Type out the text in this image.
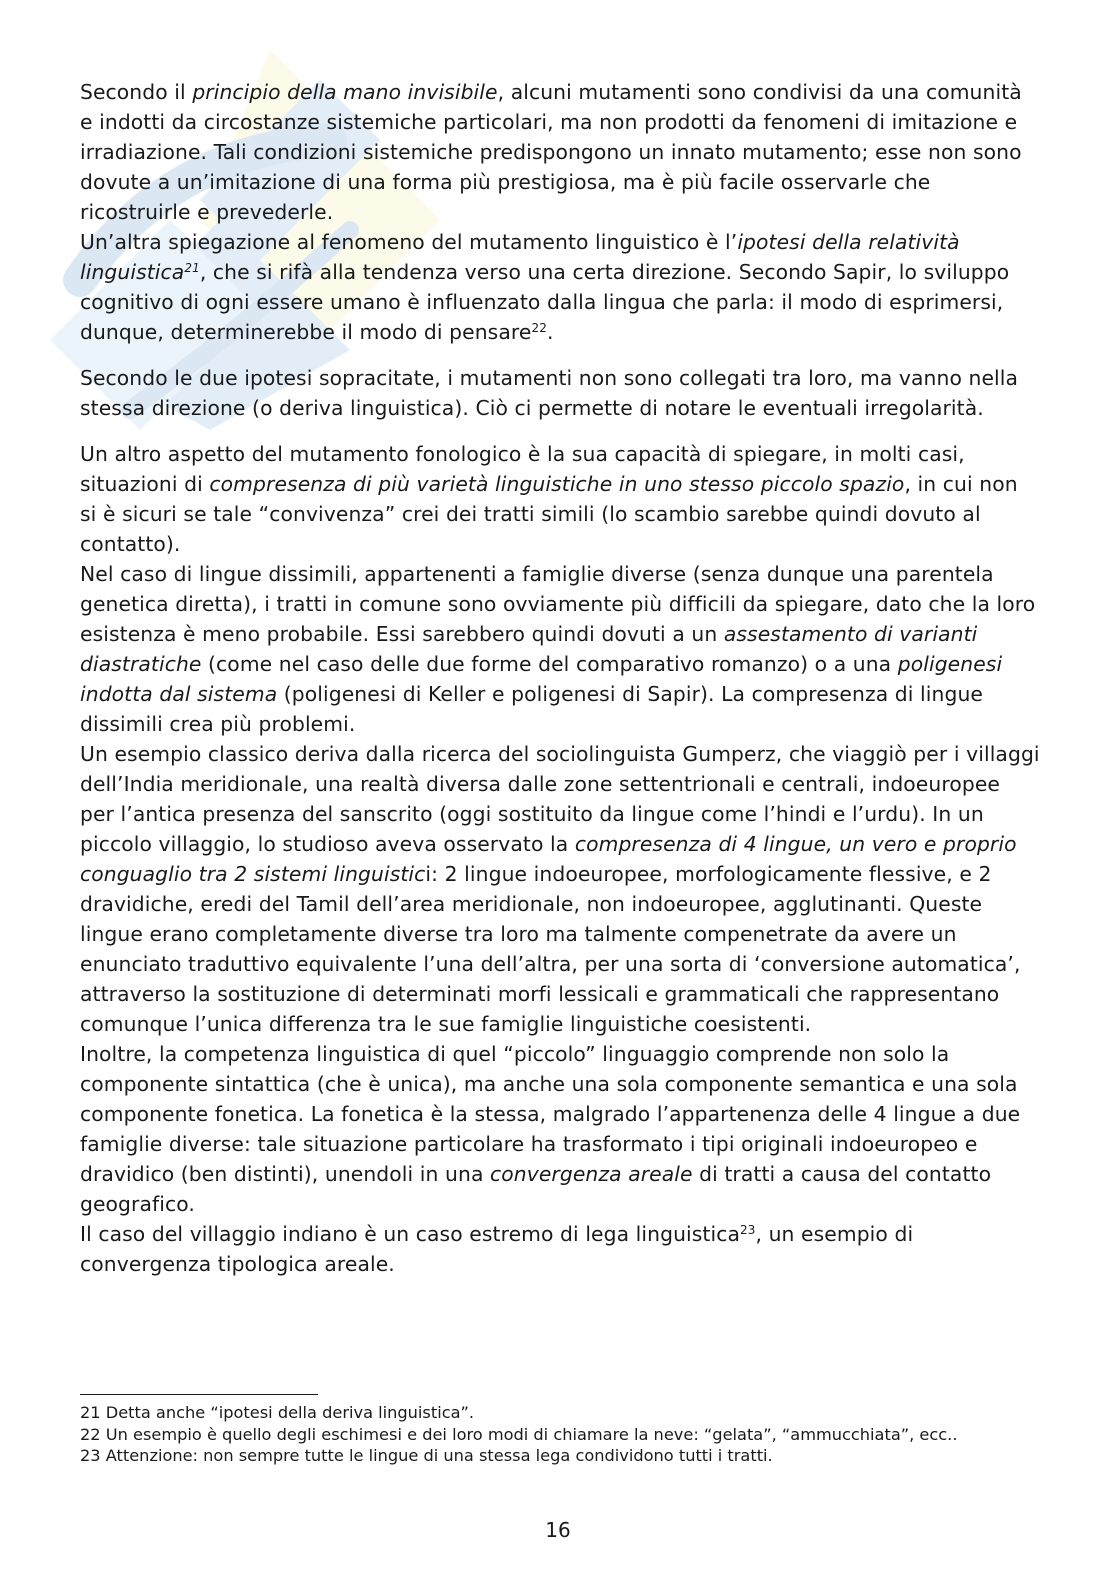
Secondo il principio della mano invisibile, alcuni mutamenti sono condivisi da una comunità e indotti da circostanze sistemiche particolari, ma non prodotti da fenomeni di imitazione e irradiazione. Tali condizioni sistemiche predispongono un innato mutamento; esse non sono dovute a un’imitazione di una forma più prestigiosa, ma è più facile osservarle che ricostruirle e prevederle.

Un’altra spiegazione al fenomeno del mutamento linguistico è l’ipotesi della relatività linguistica$^{21}$, che si rifà alla tendenza verso una certa direzione. Secondo Sapir, lo sviluppo cognitivo di ogni essere umano è influenzato dalla lingua che parla: il modo di esprimersi, dunque, determinerebbe il modo di pensare$^{22}$.

Secondo le due ipotesi sopracitate, i mutamenti non sono collegati tra loro, ma vanno nella stessa direzione (o deriva linguistica). Ciò ci permette di notare le eventuali irregolarità.

Un altro aspetto del mutamento fonologico è la sua capacità di spiegare, in molti casi, situazioni di compresenza di più varietà linguistiche in uno stesso piccolo spazio, in cui non si è sicuri se tale “convivenza” crei dei tratti simili (lo scambio sarebbe quindi dovuto al contatto).

Nel caso di lingue dissimili, appartenenti a famiglie diverse (senza dunque una parentela genetica diretta), i tratti in comune sono ovviamente più difficili da spiegare, dato che la loro esistenza è meno probabile. Essi sarebbero quindi dovuti a un assestamento di varianti diastratiche (come nel caso delle due forme del comparativo romanzo) o a una poligenesi indotta dal sistema (poligenesi di Keller e poligenesi di Sapir). La compresenza di lingue dissimili crea più problemi.

Un esempio classico deriva dalla ricerca del sociolinguista Gumperz, che viaggiò per i villaggi dell’India meridionale, una realtà diversa dalle zone settentrionali e centrali, indoeuropee per l’antica presenza del sanscrito (oggi sostituito da lingue come l’hindi e l’urdu). In un piccolo villaggio, lo studioso aveva osservato la compresenza di 4 lingue, un vero e proprio conguaglio tra 2 sistemi linguistici: 2 lingue indoeuropee, morfologicamente flessive, e 2 dravidiche, eredi del Tamil dell’area meridionale, non indoeuropee, agglutinanti. Queste lingue erano completamente diverse tra loro ma talmente compenetrate da avere un enunciato traduttivo equivalente l’una dell’altra, per una sorta di ‘conversione automatica’, attraverso la sostituzione di determinati morfi lessicali e grammaticali che rappresentano comunque l’unica differenza tra le sue famiglie linguistiche coesistenti.

Inoltre, la competenza linguistica di quel “piccolo” linguaggio comprende non solo la componente sintattica (che è unica), ma anche una sola componente semantica e una sola componente fonetica. La fonetica è la stessa, malgrado l’appartenenza delle 4 lingue a due famiglie diverse: tale situazione particolare ha trasformato i tipi originali indoeuropeo e dravidico (ben distinti), unendoli in una convergenza areale di tratti a causa del contatto geografico.

Il caso del villaggio indiano è un caso estremo di lega linguistica$^{23}$, un esempio di convergenza tipologica areale.

21 Detta anche “ipotesi della deriva linguistica”.

22 Un esempio è quello degli eschimesi e dei loro modi di chiamare la neve: “gelata”, “ammucchiata”, ecc..

23 Attenzione: non sempre tutte le lingue di una stessa lega condividono tutti i tratti.

16
